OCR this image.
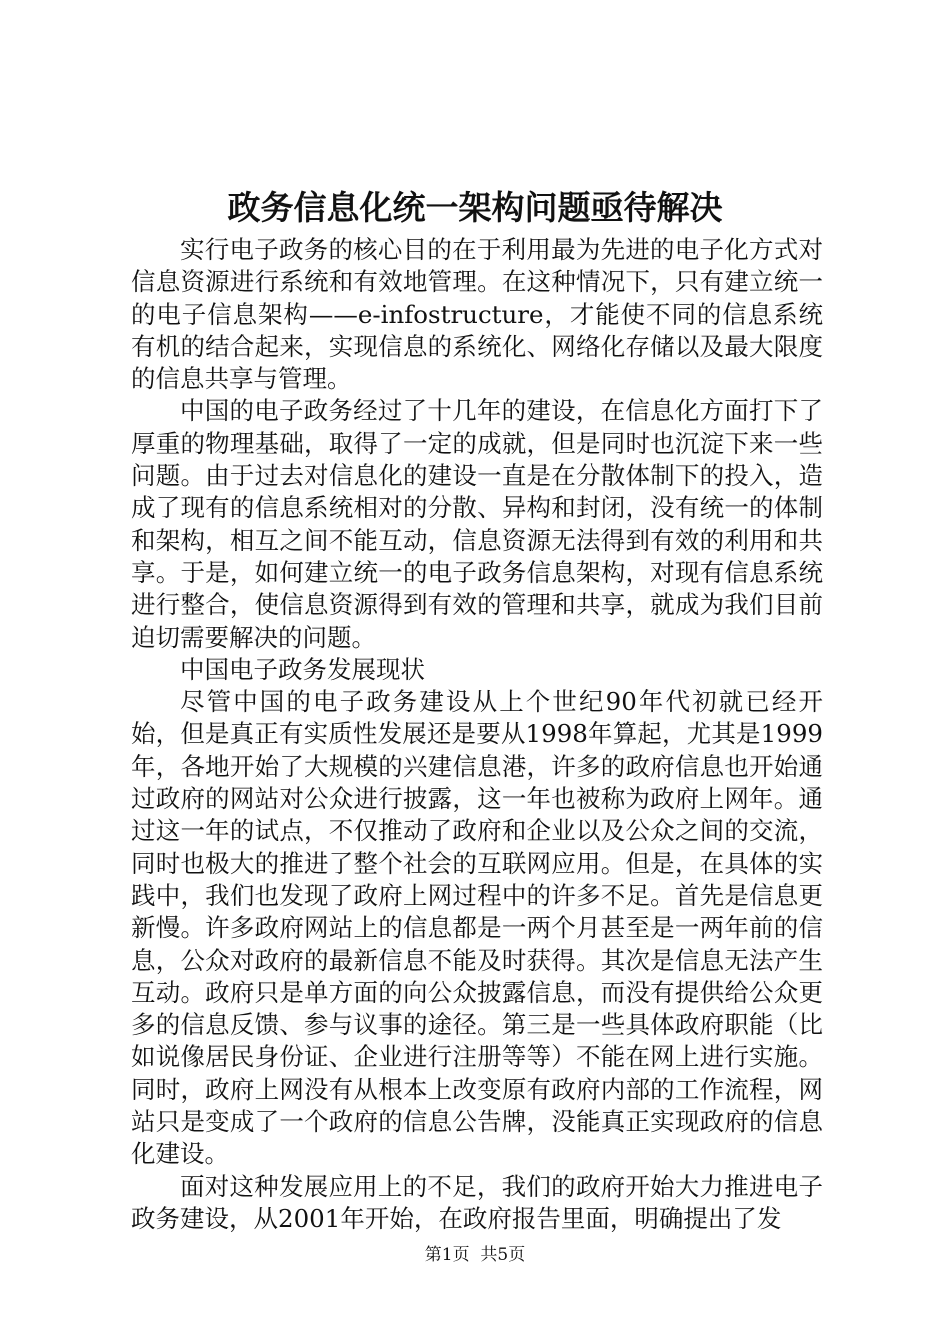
政务信息化统一架构问题亟待解决

实行电子政务的核心目的在于利用最为先进的电子化方式对信息资源进行系统和有效地管理。在这种情况下，只有建立统一的电子信息架构——e-infostructure，才能使不同的信息系统有机的结合起来，实现信息的系统化、网络化存储以及最大限度的信息共享与管理。

中国的电子政务经过了十几年的建设，在信息化方面打下了厚重的物理基础，取得了一定的成就，但是同时也沉淀下来一些问题。由于过去对信息化的建设一直是在分散体制下的投入，造成了现有的信息系统相对的分散、异构和封闭，没有统一的体制和架构，相互之间不能互动，信息资源无法得到有效的利用和共享。于是，如何建立统一的电子政务信息架构，对现有信息系统进行整合，使信息资源得到有效的管理和共享，就成为我们目前迫切需要解决的问题。

中国电子政务发展现状

尽管中国的电子政务建设从上个世纪90年代初就已经开始，但是真正有实质性发展还是要从1998年算起，尤其是1999年，各地开始了大规模的兴建信息港，许多的政府信息也开始通过政府的网站对公众进行披露，这一年也被称为政府上网年。通过这一年的试点，不仅推动了政府和企业以及公众之间的交流，同时也极大的推进了整个社会的互联网应用。但是，在具体的实践中，我们也发现了政府上网过程中的许多不足。首先是信息更新慢。许多政府网站上的信息都是一两个月甚至是一两年前的信息，公众对政府的最新信息不能及时获得。其次是信息无法产生互动。政府只是单方面的向公众披露信息，而没有提供给公众更多的信息反馈、参与议事的途径。第三是一些具体政府职能（比如说像居民身份证、企业进行注册等等）不能在网上进行实施。同时，政府上网没有从根本上改变原有政府内部的工作流程，网站只是变成了一个政府的信息公告牌，没能真正实现政府的信息化建设。

面对这种发展应用上的不足，我们的政府开始大力推进电子政务建设，从2001年开始，在政府报告里面，明确提出了发

第1页 共5页
